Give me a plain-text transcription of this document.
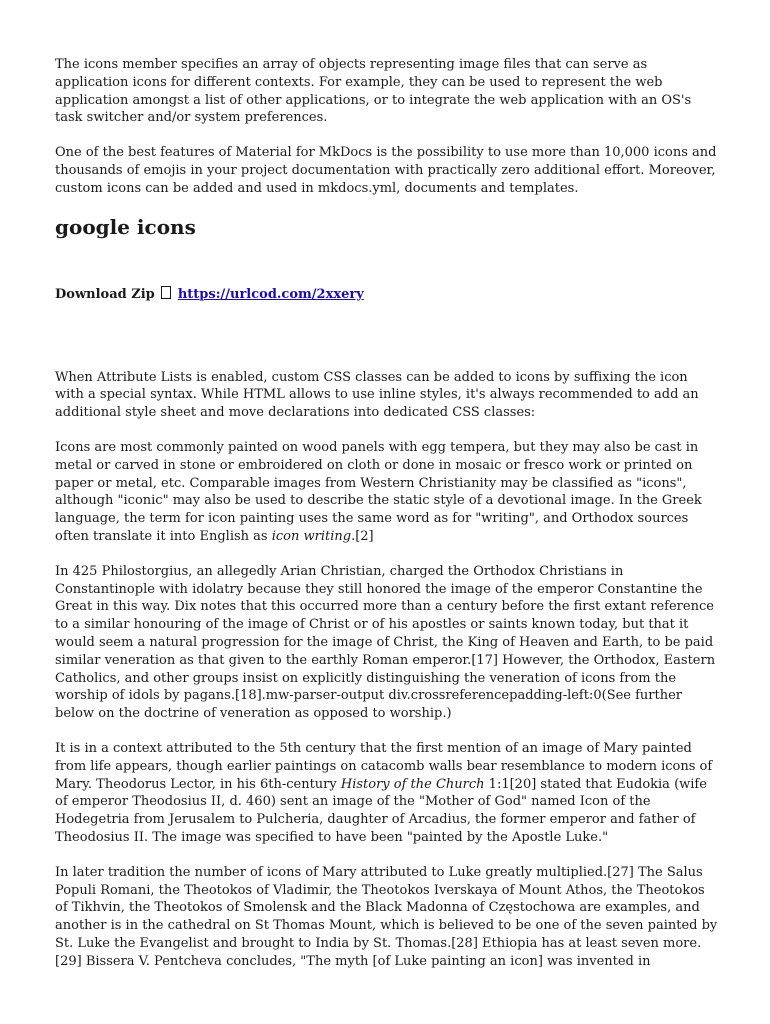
The icons member specifies an array of objects representing image files that can serve as application icons for different contexts. For example, they can be used to represent the web application amongst a list of other applications, or to integrate the web application with an OS's task switcher and/or system preferences.

One of the best features of Material for MkDocs is the possibility to use more than 10,000 icons and thousands of emojis in your project documentation with practically zero additional effort. Moreover, custom icons can be added and used in mkdocs.yml, documents and templates.

google icons
Download Zip https://urlcod.com/2xxery

When Attribute Lists is enabled, custom CSS classes can be added to icons by suffixing the icon with a special syntax. While HTML allows to use inline styles, it's always recommended to add an additional style sheet and move declarations into dedicated CSS classes:

Icons are most commonly painted on wood panels with egg tempera, but they may also be cast in metal or carved in stone or embroidered on cloth or done in mosaic or fresco work or printed on paper or metal, etc. Comparable images from Western Christianity may be classified as "icons", although "iconic" may also be used to describe the static style of a devotional image. In the Greek language, the term for icon painting uses the same word as for "writing", and Orthodox sources often translate it into English as icon writing.[2]

In 425 Philostorgius, an allegedly Arian Christian, charged the Orthodox Christians in Constantinople with idolatry because they still honored the image of the emperor Constantine the Great in this way. Dix notes that this occurred more than a century before the first extant reference to a similar honouring of the image of Christ or of his apostles or saints known today, but that it would seem a natural progression for the image of Christ, the King of Heaven and Earth, to be paid similar veneration as that given to the earthly Roman emperor.[17] However, the Orthodox, Eastern Catholics, and other groups insist on explicitly distinguishing the veneration of icons from the worship of idols by pagans.[18].mw-parser-output div.crossreferencepadding-left:0(See further below on the doctrine of veneration as opposed to worship.)

It is in a context attributed to the 5th century that the first mention of an image of Mary painted from life appears, though earlier paintings on catacomb walls bear resemblance to modern icons of Mary. Theodorus Lector, in his 6th-century History of the Church 1:1[20] stated that Eudokia (wife of emperor Theodosius II, d. 460) sent an image of the "Mother of God" named Icon of the Hodegetria from Jerusalem to Pulcheria, daughter of Arcadius, the former emperor and father of Theodosius II. The image was specified to have been "painted by the Apostle Luke."

In later tradition the number of icons of Mary attributed to Luke greatly multiplied.[27] The Salus Populi Romani, the Theotokos of Vladimir, the Theotokos Iverskaya of Mount Athos, the Theotokos of Tikhvin, the Theotokos of Smolensk and the Black Madonna of Częstochowa are examples, and another is in the cathedral on St Thomas Mount, which is believed to be one of the seven painted by St. Luke the Evangelist and brought to India by St. Thomas.[28] Ethiopia has at least seven more.[29] Bissera V. Pentcheva concludes, "The myth [of Luke painting an icon] was invented in
